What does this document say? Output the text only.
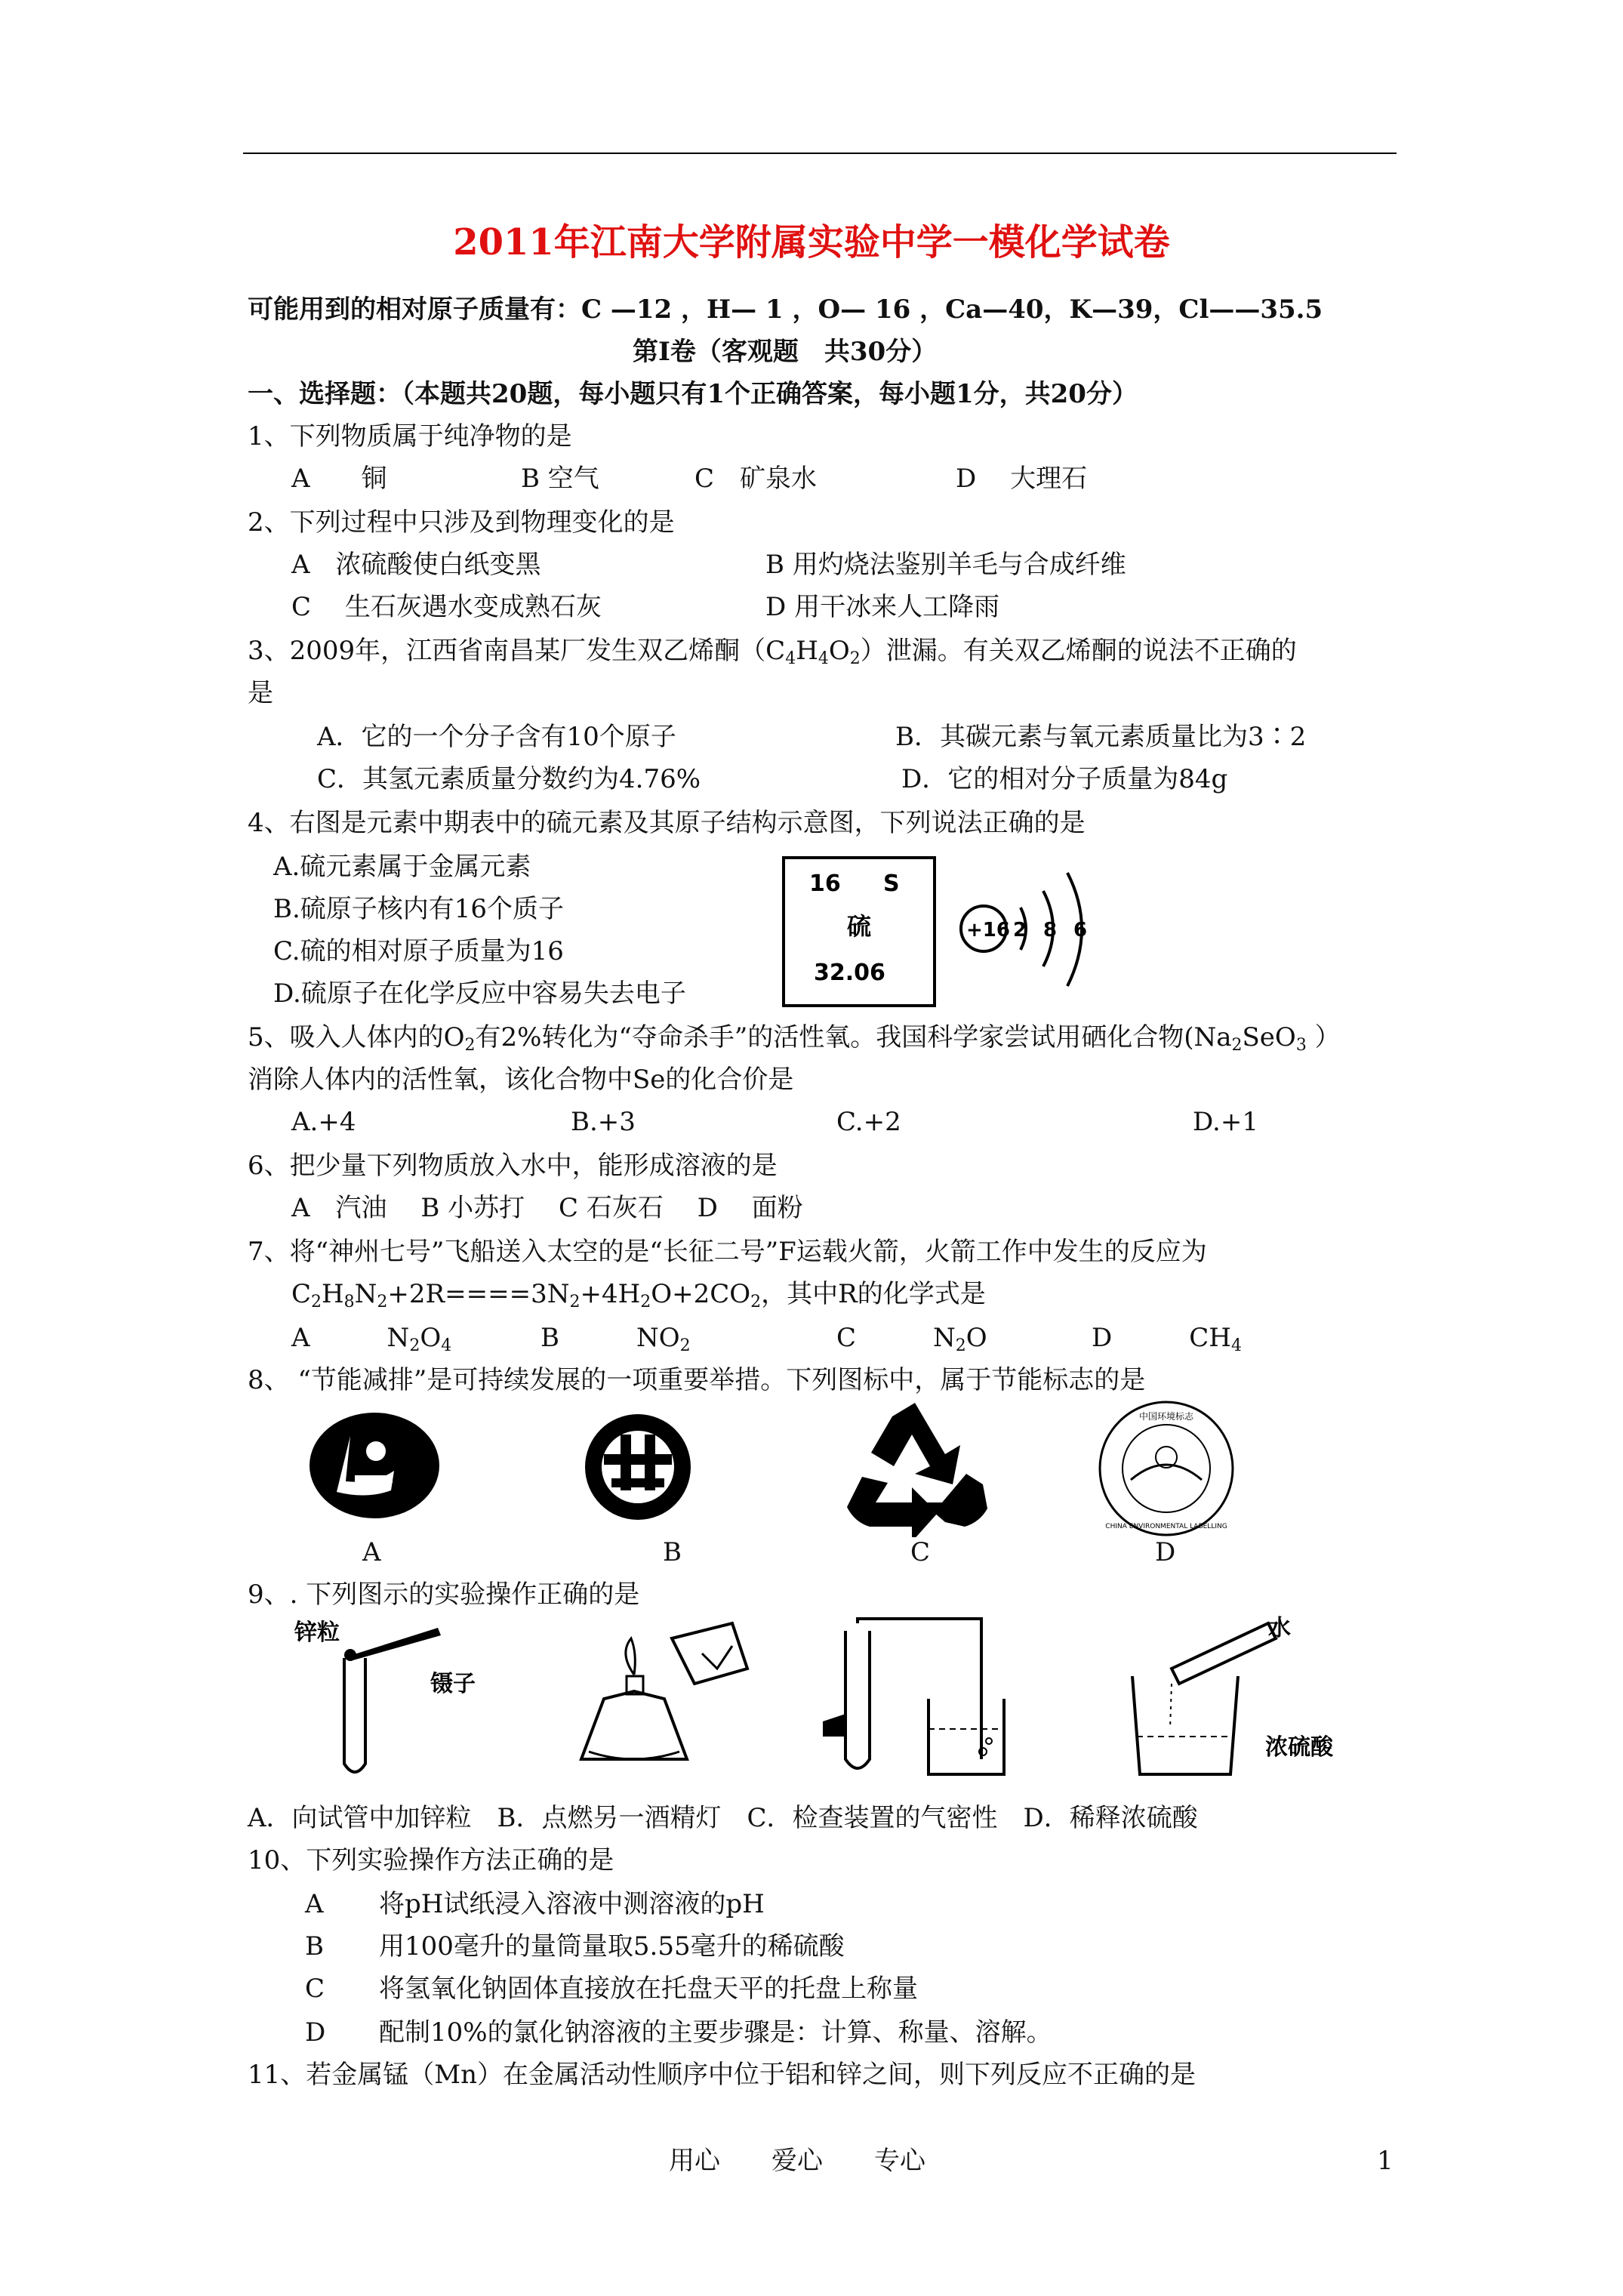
2011年江南大学附属实验中学一模化学试卷
可能用到的相对原子质量有：C —12 ，H— 1 ，O— 16 ，Ca—40，K—39，Cl——35.5
第Ⅰ卷（客观题　共30分）
一、选择题：（本题共20题，每小题只有1个正确答案，每小题1分，共20分）
1、下列物质属于纯净物的是
A　　铜	B 空气	C　矿泉水	D　 大理石
2、下列过程中只涉及到物理变化的是
A　浓硫酸使白纸变黑	B 用灼烧法鉴别羊毛与合成纤维
C　 生石灰遇水变成熟石灰	D 用干冰来人工降雨
3、2009年，江西省南昌某厂发生双乙烯酮$(C_4H_4O_2)$泄漏。有关双乙烯酮的说法不正确的
是
A．它的一个分子含有10个原子	B．其碳元素与氧元素质量比为3∶2
C．其氢元素质量分数约为4.76%	D．它的相对分子质量为84g
4、右图是元素中期表中的硫元素及其原子结构示意图，下列说法正确的是
A.硫元素属于金属元素
B.硫原子核内有16个质子
C.硫的相对原子质量为16
D.硫原子在化学反应中容易失去电子
16 S
硫
32.06
+16 2 8 6
5、吸入人体内的$O_2$有2%转化为“夺命杀手”的活性氧。我国科学家尝试用硒化合物($Na_2SeO_3$ ）
消除人体内的活性氧，该化合物中Se的化合价是
A.+4	B.+3	C.+2	D.+1
6、把少量下列物质放入水中，能形成溶液的是
A　汽油　 B 小苏打　 C 石灰石　 D　 面粉
7、将“神州七号”飞船送入太空的是“长征二号”F运载火箭，火箭工作中发生的反应为
$C_2H_8N_2+2R====3N_2+4H_2O+2CO_2$，其中R的化学式是
A　　　$N_2O_4$	B　　　$NO_2$	C　　　$N_2O$	D　　　$CH_4$
8、 “节能减排”是可持续发展的一项重要举措。下列图标中，属于节能标志的是
中国环境标志
CHINA ENVIRONMENTAL LABELLING
A	B	C	D
9、. 下列图示的实验操作正确的是
锌粒
镊子
水
浓硫酸
A．向试管中加锌粒　B．点燃另一酒精灯　C．检查装置的气密性　D．稀释浓硫酸
10、下列实验操作方法正确的是
A 将pH试纸浸入溶液中测溶液的pH
B 用100毫升的量筒量取5.55毫升的稀硫酸
C 将氢氧化钠固体直接放在托盘天平的托盘上称量
D 配制10%的氯化钠溶液的主要步骤是：计算、称量、溶解。
11、若金属锰（Mn）在金属活动性顺序中位于铝和锌之间，则下列反应不正确的是
用心　　爱心　　专心	1
